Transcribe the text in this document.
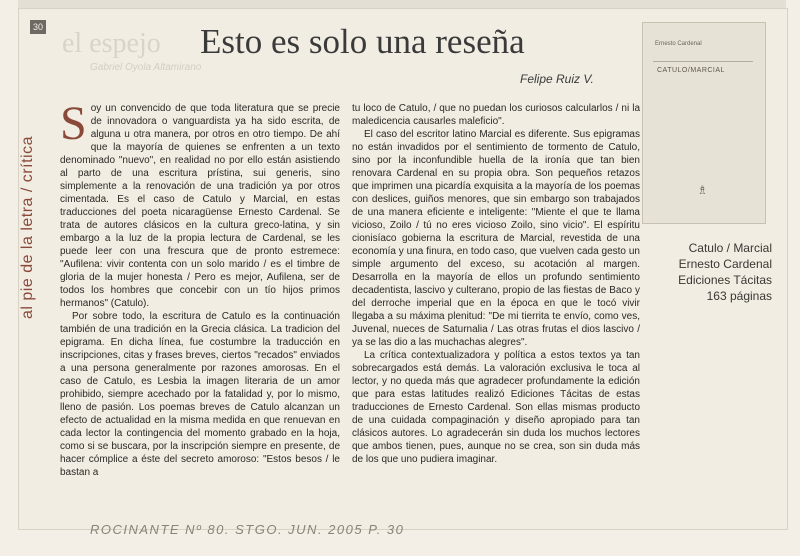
30
al pie de la letra / crítica
el espejo
Gabriel Oyola Altamirano
Esto es solo una reseña
Felipe Ruiz V.

Soy un convencido de que toda literatura que se precie de innovadora o vanguardista ya ha sido escrita, de alguna u otra manera, por otros en otro tiempo. De ahí que la mayoría de quienes se enfrenten a un texto denominado "nuevo", en realidad no por ello están asistiendo al parto de una escritura prístina, sui generis, sino simplemente a la renovación de una tradición ya por otros cimentada. Es el caso de Catulo y Marcial, en estas traducciones del poeta nicaragüense Ernesto Cardenal. Se trata de autores clásicos en la cultura greco-latina, y sin embargo a la luz de la propia lectura de Cardenal, se les puede leer con una frescura que de pronto estremece: "Aufilena: vivir contenta con un solo marido / es el timbre de gloria de la mujer honesta / Pero es mejor, Aufilena, ser de todos los hombres que concebir con un tío hijos primos hermanos" (Catulo).

Por sobre todo, la escritura de Catulo es la continuación también de una tradición en la Grecia clásica. La tradicion del epigrama. En dicha línea, fue costumbre la traducción en inscripciones, citas y frases breves, ciertos "recados" enviados a una persona generalmente por razones amorosas. En el caso de Catulo, es Lesbia la imagen literaria de un amor prohibido, siempre acechado por la fatalidad y, por lo mismo, lleno de pasión. Los poemas breves de Catulo alcanzan un efecto de actualidad en la misma medida en que renuevan en cada lector la contingencia del momento grabado en la hoja, como si se buscara, por la inscripción siempre en presente, de hacer cómplice a éste del secreto amoroso: "Estos besos / le bastan a

tu loco de Catulo, / que no puedan los curiosos calcularlos / ni la maledicencia causarles maleficio".

El caso del escritor latino Marcial es diferente. Sus epigramas no están invadidos por el sentimiento de tormento de Catulo, sino por la inconfundible huella de la ironía que tan bien renovara Cardenal en su propia obra. Son pequeños retazos que imprimen una picardía exquisita a la mayoría de los poemas con deslices, guiños menores, que sin embargo son trabajados de una manera eficiente e inteligente: "Miente el que te llama vicioso, Zoilo / tú no eres vicioso Zoilo, sino vicio". El espíritu cionisíaco gobierna la escritura de Marcial, revestida de una economía y una finura, en todo caso, que vuelven cada gesto un simple argumento del exceso, su acotación al margen. Desarrolla en la mayoría de ellos un profundo sentimiento decadentista, lascivo y culterano, propio de las fiestas de Baco y del derroche imperial que en la época en que le tocó vivir llegaba a su máxima plenitud: "De mi tierrita te envío, como ves, Juvenal, nueces de Saturnalia / Las otras frutas el dios lascivo / ya se las dio a las muchachas alegres".

La crítica contextualizadora y política a estos textos ya tan sobrecargados está demás. La valoración exclusiva le toca al lector, y no queda más que agradecer profundamente la edición que para estas latitudes realizó Ediciones Tácitas de estas traducciones de Ernesto Cardenal. Son ellas mismas producto de una cuidada compaginación y diseño apropiado para tan clásicos autores. Lo agradecerán sin duda los muchos lectores que ambos tienen, pues, aunque no se crea, son sin duda más de los que uno pudiera imaginar.

Ernesto Cardenal
CATULO/MARCIAL
♗
Catulo / Marcial
Ernesto Cardenal
Ediciones Tácitas
163 páginas
ROCINANTE Nº 80. STGO. JUN. 2005 P. 30
